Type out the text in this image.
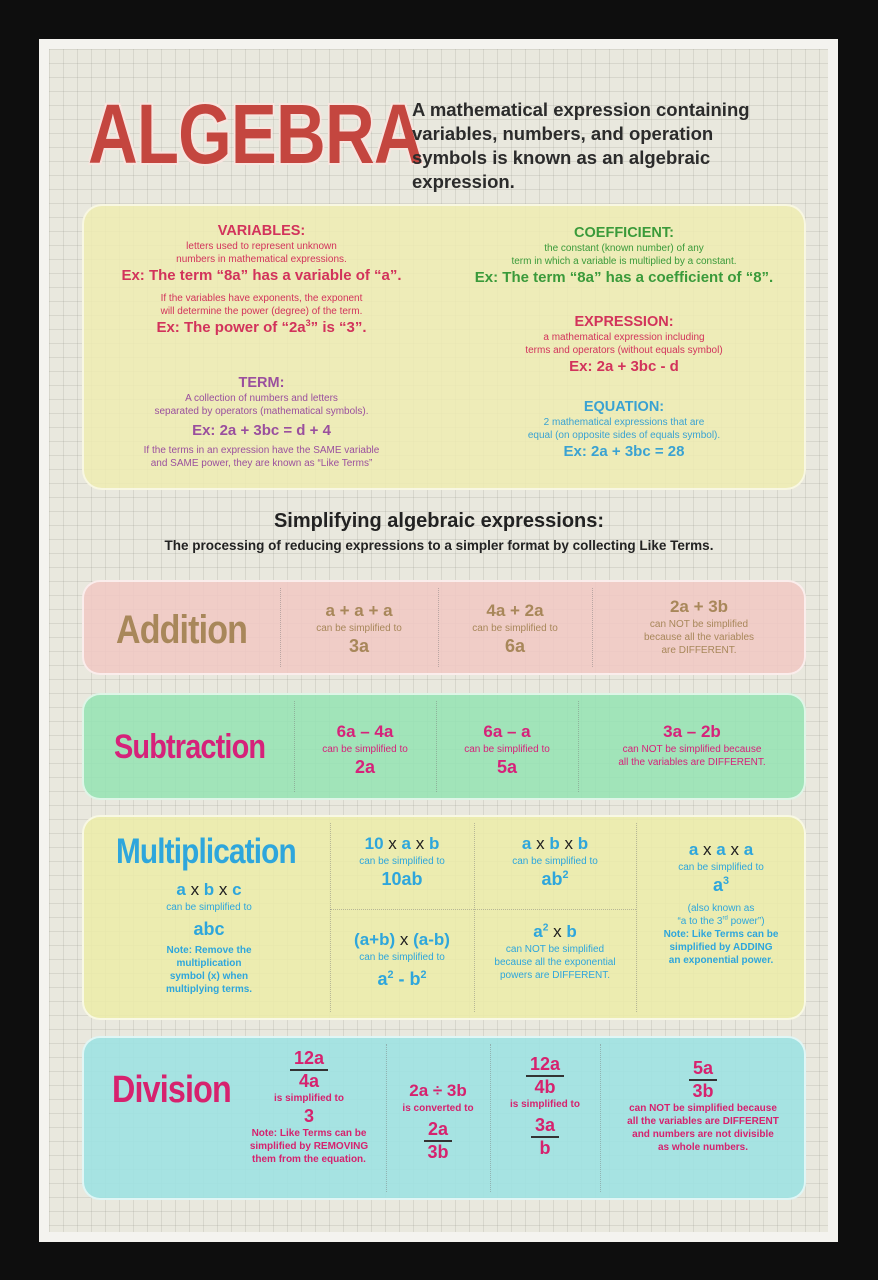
ALGEBRA
A mathematical expression containing variables, numbers, and operation symbols is known as an algebraic expression.
VARIABLES:
letters used to represent unknown
numbers in mathematical expressions.
Ex: The term “8a” has a variable of “a”.
If the variables have exponents, the exponent
will determine the power (degree) of the term.
Ex: The power of “$2a^3$” is “3”.
TERM:
A collection of numbers and letters
separated by operators (mathematical symbols).
Ex: 2a + 3bc = d + 4
If the terms in an expression have the SAME variable
and SAME power, they are known as “Like Terms”
COEFFICIENT:
the constant (known number) of any
term in which a variable is multiplied by a constant.
Ex: The term “8a” has a coefficient of “8”.
EXPRESSION:
a mathematical expression including
terms and operators (without equals symbol)
Ex: 2a + 3bc - d
EQUATION:
2 mathematical expressions that are
equal (on opposite sides of equals symbol).
Ex: 2a + 3bc = 28
Simplifying algebraic expressions:
The processing of reducing expressions to a simpler format by collecting Like Terms.
Addition	a + a + a
can be simplified to
3a
4a + 2a
can be simplified to
6a
2a + 3b
can NOT be simplified
because all the variables
are DIFFERENT.
Subtraction	6a – 4a
can be simplified to
2a
6a – a
can be simplified to
5a
3a – 2b
can NOT be simplified because
all the variables are DIFFERENT.
Multiplication
a x b x c
can be simplified to
abc
Note: Remove the
multiplication
symbol (x) when
multiplying terms.
10 x a x b
can be simplified to
10ab
(a+b) x (a-b)
can be simplified to
$a^2 - b^2$
a x b x b
can be simplified to
$ab^2$
$a^2$ x b
can NOT be simplified
because all the exponential
powers are DIFFERENT.
a x a x a
can be simplified to
$a^3$
(also known as
“a to the 3rd power”)
Note: Like Terms can be
simplified by ADDING
an exponential power.
Division	$\frac{12a}{4a}$
is simplified to
3
Note: Like Terms can be
simplified by REMOVING
them from the equation.
2a ÷ 3b
is converted to
$\frac{2a}{3b}$
$\frac{12a}{4b}$
is simplified to
$\frac{3a}{b}$
$\frac{5a}{3b}$
can NOT be simplified because
all the variables are DIFFERENT
and numbers are not divisible
as whole numbers.
